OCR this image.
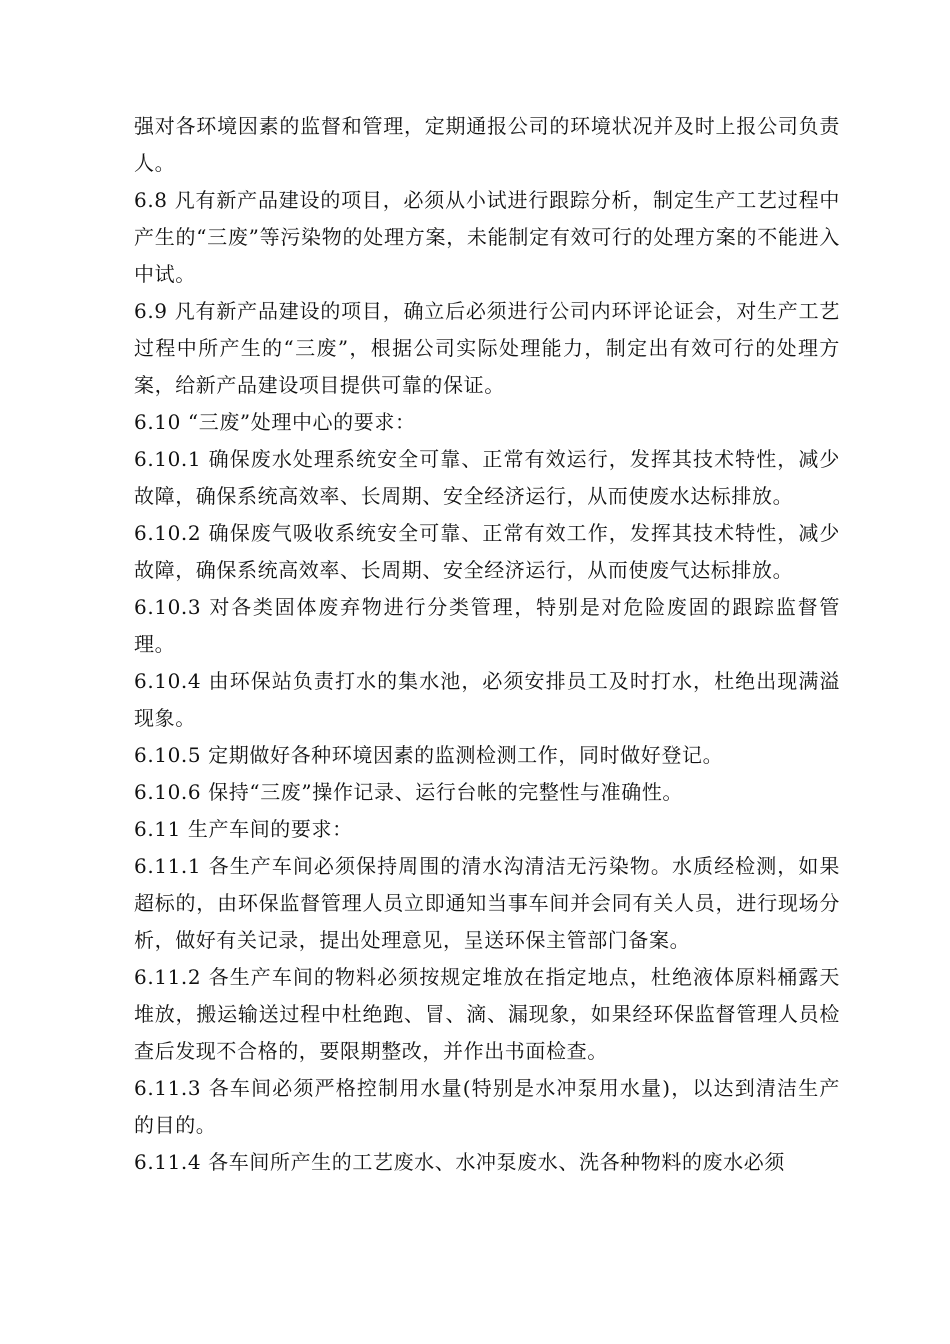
强对各环境因素的监督和管理，定期通报公司的环境状况并及时上报公司负责人。

6.8 凡有新产品建设的项目，必须从小试进行跟踪分析，制定生产工艺过程中产生的“三废”等污染物的处理方案，未能制定有效可行的处理方案的不能进入中试。

6.9 凡有新产品建设的项目，确立后必须进行公司内环评论证会，对生产工艺过程中所产生的“三废”，根据公司实际处理能力，制定出有效可行的处理方案，给新产品建设项目提供可靠的保证。

6.10 “三废”处理中心的要求：

6.10.1 确保废水处理系统安全可靠、正常有效运行，发挥其技术特性，减少故障，确保系统高效率、长周期、安全经济运行，从而使废水达标排放。

6.10.2 确保废气吸收系统安全可靠、正常有效工作，发挥其技术特性，减少故障，确保系统高效率、长周期、安全经济运行，从而使废气达标排放。

6.10.3 对各类固体废弃物进行分类管理，特别是对危险废固的跟踪监督管理。

6.10.4 由环保站负责打水的集水池，必须安排员工及时打水，杜绝出现满溢现象。

6.10.5 定期做好各种环境因素的监测检测工作，同时做好登记。

6.10.6 保持“三废”操作记录、运行台帐的完整性与准确性。

6.11 生产车间的要求：

6.11.1 各生产车间必须保持周围的清水沟清洁无污染物。水质经检测，如果超标的，由环保监督管理人员立即通知当事车间并会同有关人员，进行现场分析，做好有关记录，提出处理意见，呈送环保主管部门备案。

6.11.2 各生产车间的物料必须按规定堆放在指定地点，杜绝液体原料桶露天堆放，搬运输送过程中杜绝跑、冒、滴、漏现象，如果经环保监督管理人员检查后发现不合格的，要限期整改，并作出书面检查。

6.11.3 各车间必须严格控制用水量(特别是水冲泵用水量)，以达到清洁生产的目的。

6.11.4 各车间所产生的工艺废水、水冲泵废水、洗各种物料的废水必须
